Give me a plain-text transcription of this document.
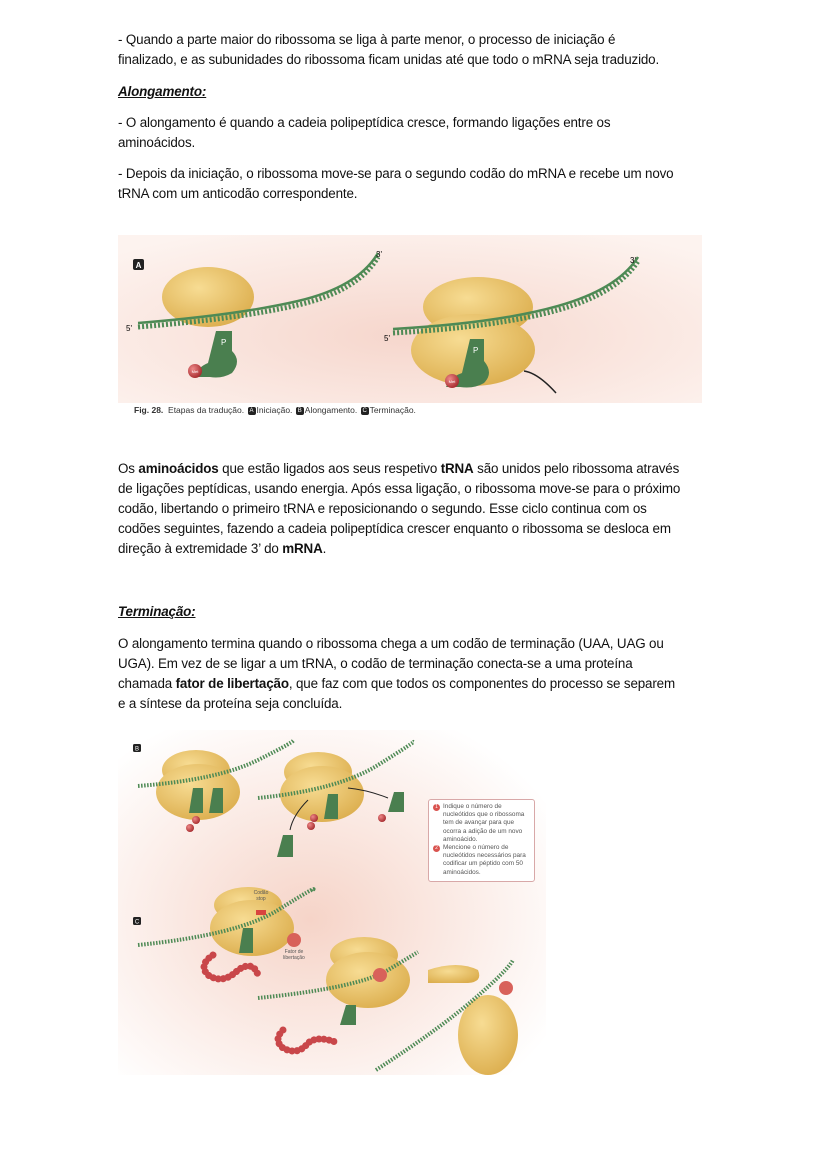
- Quando a parte maior do ribossoma se liga à parte menor, o processo de iniciação é
finalizado, e as subunidades do ribossoma ficam unidas até que todo o mRNA seja traduzido.
Alongamento:
- O alongamento é quando a cadeia polipeptídica cresce, formando ligações entre os
aminoácidos.
- Depois da iniciação, o ribossoma move-se para o segundo codão do mRNA e recebe um novo
tRNA com um anticodão correspondente.
A
5'
3'
P
Met
5'
3'
P
Met
Fig. 28. Etapas da tradução. A Iniciação. B Alongamento. C Terminação.
Os aminoácidos que estão ligados aos seus respetivo tRNA são unidos pelo ribossoma através
de ligações peptídicas, usando energia. Após essa ligação, o ribossoma move-se para o próximo
codão, libertando o primeiro tRNA e reposicionando o segundo. Esse ciclo continua com os
codões seguintes, fazendo a cadeia polipeptídica crescer enquanto o ribossoma se desloca em
direção à extremidade 3’ do mRNA.
Terminação:
O alongamento termina quando o ribossoma chega a um codão de terminação (UAA, UAG ou
UGA). Em vez de se ligar a um tRNA, o codão de terminação conecta-se a uma proteína
chamada fator de libertação, que faz com que todos os componentes do processo se separem
e a síntese da proteína seja concluída.
B
C
Codão
stop
Fator de
libertação
1 Indique o número de nucleótidos que o ribossoma tem de avançar para que ocorra a adição de um novo aminoácido.
2 Mencione o número de nucleótidos necessários para codificar um péptido com 50 aminoácidos.
